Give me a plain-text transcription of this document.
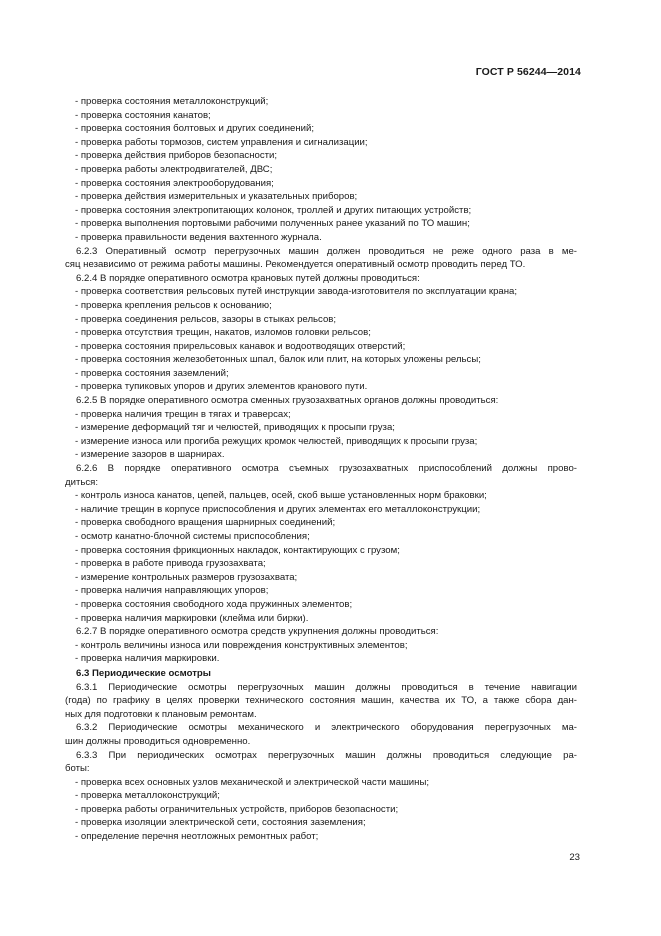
ГОСТ Р 56244—2014
- проверка состояния металлоконструкций;
- проверка состояния канатов;
- проверка состояния болтовых и других соединений;
- проверка работы тормозов, систем управления и сигнализации;
- проверка действия приборов безопасности;
- проверка работы электродвигателей, ДВС;
- проверка состояния электрооборудования;
- проверка действия измерительных и указательных приборов;
- проверка состояния электропитающих колонок, троллей и других питающих устройств;
- проверка выполнения портовыми рабочими полученных ранее указаний по ТО машин;
- проверка правильности ведения вахтенного журнала.
6.2.3 Оперативный осмотр перегрузочных машин должен проводиться не реже одного раза в ме-
сяц независимо от режима работы машины. Рекомендуется оперативный осмотр проводить перед ТО.
6.2.4 В порядке оперативного осмотра крановых путей должны проводиться:
- проверка соответствия рельсовых путей инструкции завода-изготовителя по эксплуатации крана;
- проверка крепления рельсов к основанию;
- проверка соединения рельсов, зазоры в стыках рельсов;
- проверка отсутствия трещин, накатов, изломов головки рельсов;
- проверка состояния прирельсовых канавок и водоотводящих отверстий;
- проверка состояния железобетонных шпал, балок или плит, на которых уложены рельсы;
- проверка состояния заземлений;
- проверка тупиковых упоров и других элементов кранового пути.
6.2.5 В порядке оперативного осмотра сменных грузозахватных органов должны проводиться:
- проверка наличия трещин в тягах и траверсах;
- измерение деформаций тяг и челюстей, приводящих к просыпи груза;
- измерение износа или прогиба режущих кромок челюстей, приводящих к просыпи груза;
- измерение зазоров в шарнирах.
6.2.6 В порядке оперативного осмотра съемных грузозахватных приспособлений должны прово-
диться:
- контроль износа канатов, цепей, пальцев, осей, скоб выше установленных норм браковки;
- наличие трещин в корпусе приспособления и других элементах его металлоконструкции;
- проверка свободного вращения шарнирных соединений;
- осмотр канатно-блочной системы приспособления;
- проверка состояния фрикционных накладок, контактирующих с грузом;
- проверка в работе привода грузозахвата;
- измерение контрольных размеров грузозахвата;
- проверка наличия направляющих упоров;
- проверка состояния свободного хода пружинных элементов;
- проверка наличия маркировки (клейма или бирки).
6.2.7 В порядке оперативного осмотра средств укрупнения должны проводиться:
- контроль величины износа или повреждения конструктивных элементов;
- проверка наличия маркировки.
6.3 Периодические осмотры
6.3.1 Периодические осмотры перегрузочных машин должны проводиться в течение навигации
(года) по графику в целях проверки технического состояния машин, качества их ТО, а также сбора дан-
ных для подготовки к плановым ремонтам.
6.3.2 Периодические осмотры механического и электрического оборудования перегрузочных ма-
шин должны проводиться одновременно.
6.3.3 При периодических осмотрах перегрузочных машин должны проводиться следующие ра-
боты:
- проверка всех основных узлов механической и электрической части машины;
- проверка металлоконструкций;
- проверка работы ограничительных устройств, приборов безопасности;
- проверка изоляции электрической сети, состояния заземления;
- определение перечня неотложных ремонтных работ;
23
